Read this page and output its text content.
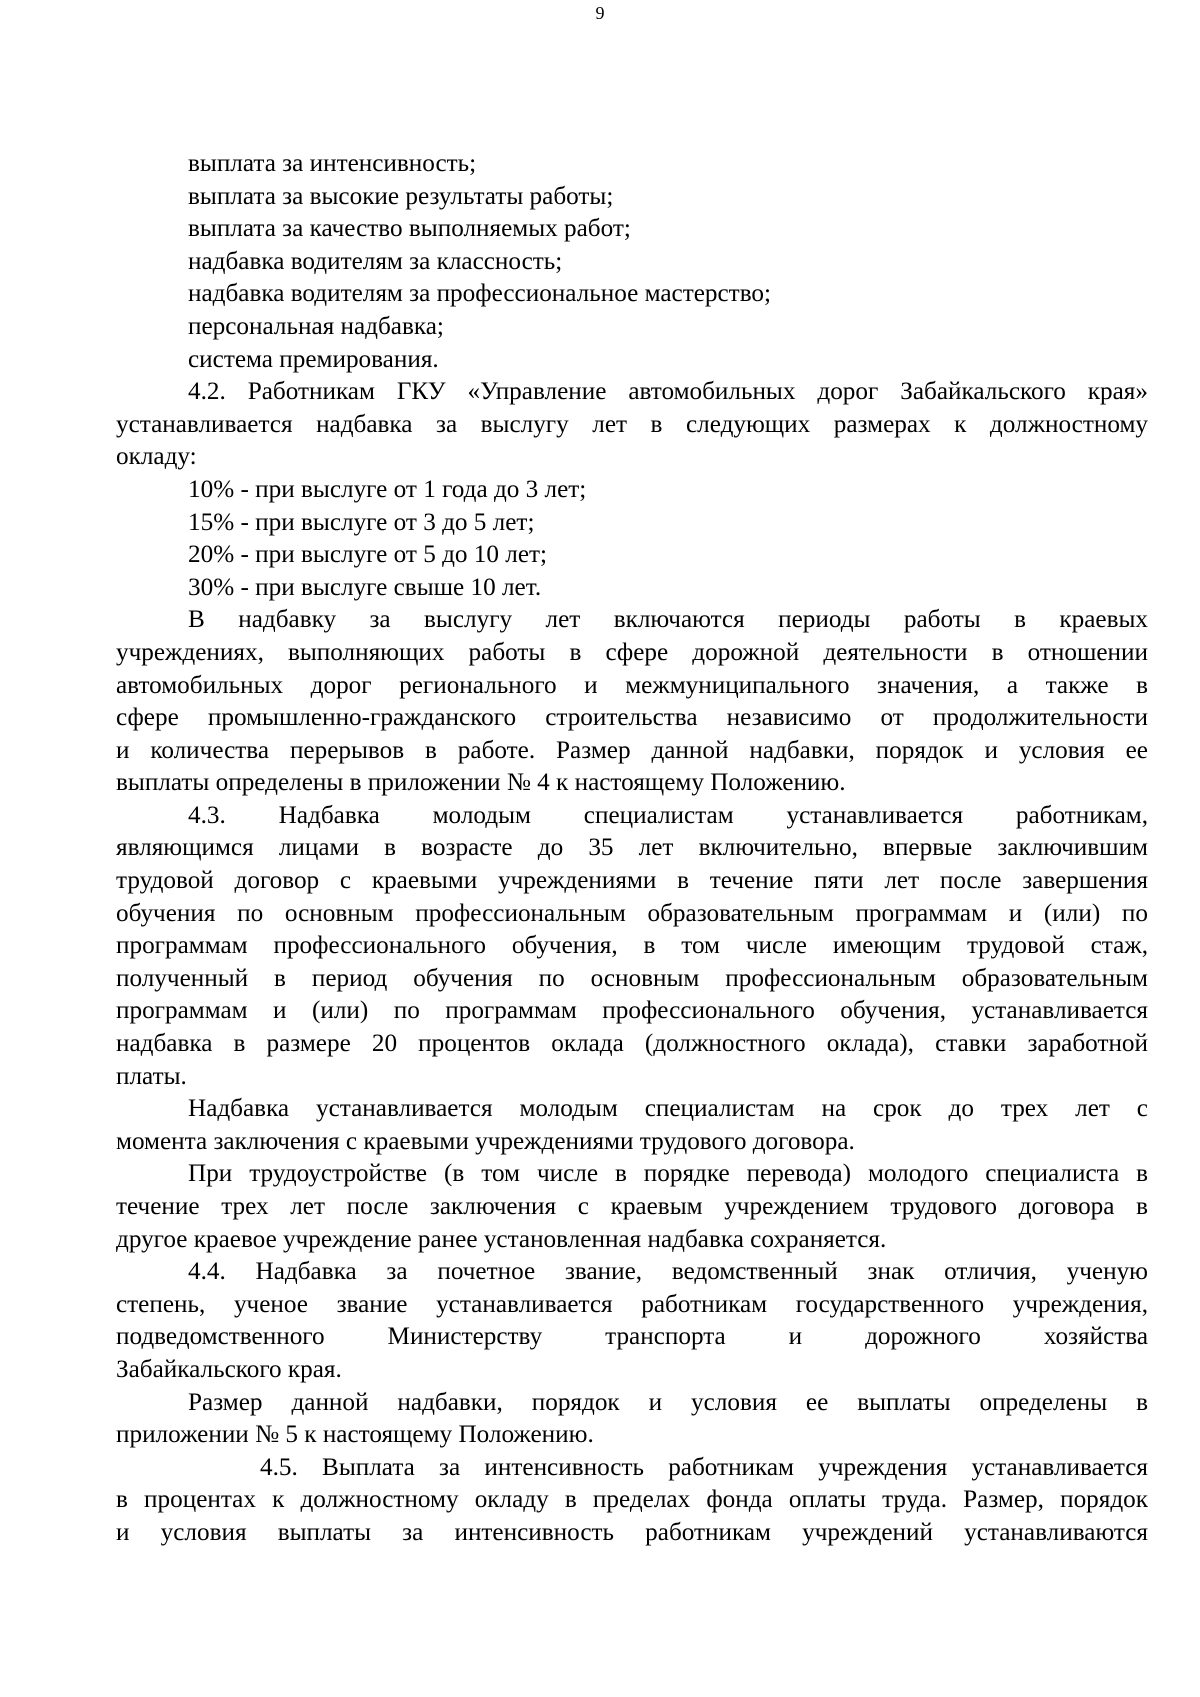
9
выплата за интенсивность;
выплата за высокие результаты работы;
выплата за качество выполняемых работ;
надбавка водителям за классность;
надбавка водителям за профессиональное мастерство;
персональная надбавка;
система премирования.
4.2. Работникам ГКУ «Управление автомобильных дорог Забайкальского края»
устанавливается надбавка за выслугу лет в следующих размерах к должностному
окладу:
10% - при выслуге от 1 года до 3 лет;
15% - при выслуге от 3 до 5 лет;
20% - при выслуге от 5 до 10 лет;
30% - при выслуге свыше 10 лет.
В надбавку за выслугу лет включаются периоды работы в краевых
учреждениях, выполняющих работы в сфере дорожной деятельности в отношении
автомобильных дорог регионального и межмуниципального значения, а также в
сфере промышленно-гражданского строительства независимо от продолжительности
и количества перерывов в работе. Размер данной надбавки, порядок и условия ее
выплаты определены в приложении № 4 к настоящему Положению.
4.3. Надбавка молодым специалистам устанавливается работникам,
являющимся лицами в возрасте до 35 лет включительно, впервые заключившим
трудовой договор с краевыми учреждениями в течение пяти лет после завершения
обучения по основным профессиональным образовательным программам и (или) по
программам профессионального обучения, в том числе имеющим трудовой стаж,
полученный в период обучения по основным профессиональным образовательным
программам и (или) по программам профессионального обучения, устанавливается
надбавка в размере 20 процентов оклада (должностного оклада), ставки заработной
платы.
Надбавка устанавливается молодым специалистам на срок до трех лет с
момента заключения с краевыми учреждениями трудового договора.
При трудоустройстве (в том числе в порядке перевода) молодого специалиста в
течение трех лет после заключения с краевым учреждением трудового договора в
другое краевое учреждение ранее установленная надбавка сохраняется.
4.4. Надбавка за почетное звание, ведомственный знак отличия, ученую
степень, ученое звание устанавливается работникам государственного учреждения,
подведомственного Министерству транспорта и дорожного хозяйства
Забайкальского края.
Размер данной надбавки, порядок и условия ее выплаты определены в
приложении № 5 к настоящему Положению.
4.5. Выплата за интенсивность работникам учреждения устанавливается
в процентах к должностному окладу в пределах фонда оплаты труда. Размер, порядок
и условия выплаты за интенсивность работникам учреждений устанавливаются
